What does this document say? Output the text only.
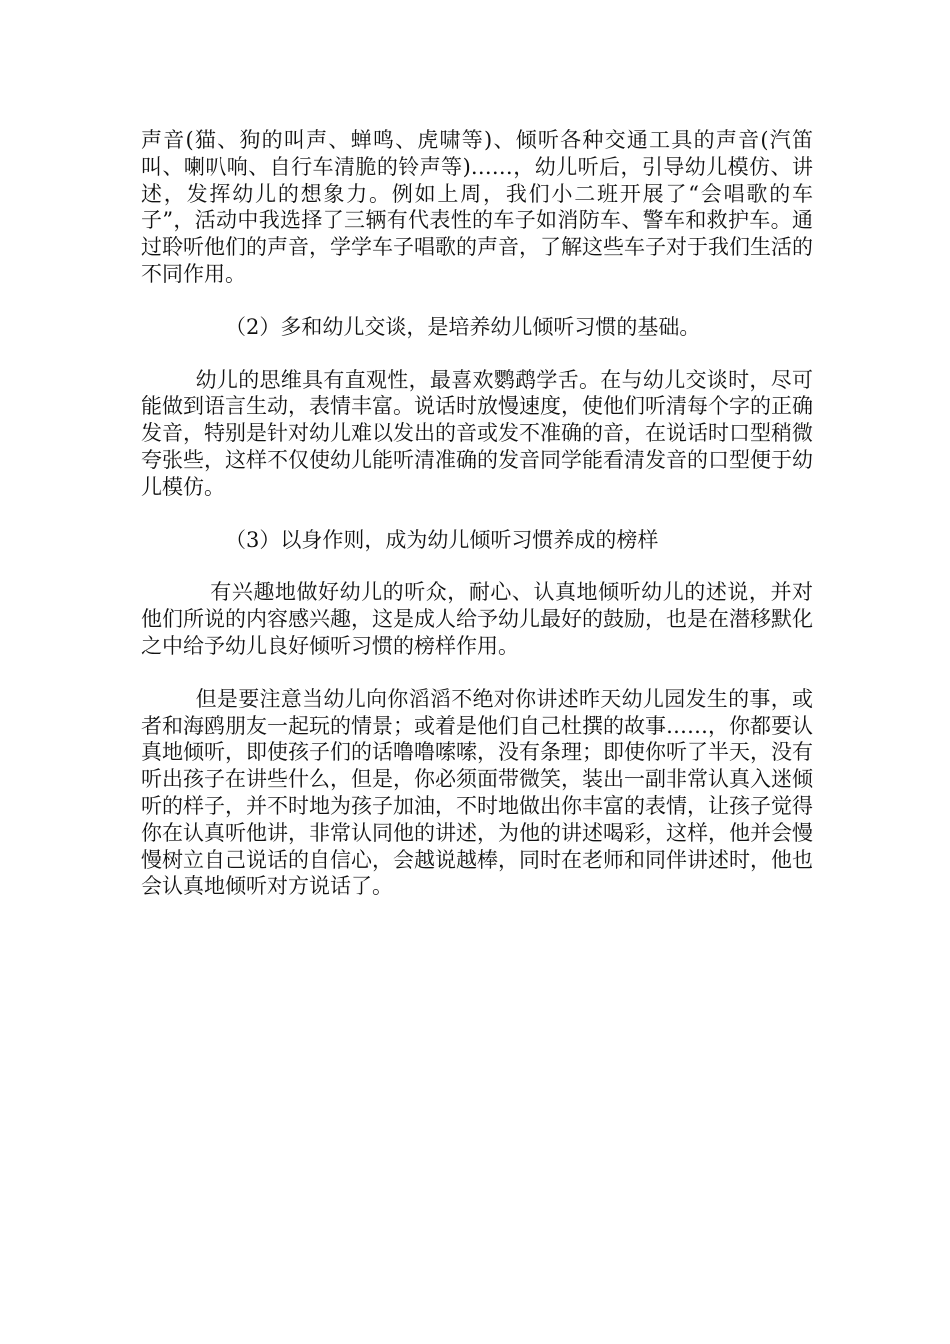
声音(猫、狗的叫声、蝉鸣、虎啸等)、倾听各种交通工具的声音(汽笛叫、喇叭响、自行车清脆的铃声等)……，幼儿听后，引导幼儿模仿、讲述，发挥幼儿的想象力。例如上周，我们小二班开展了“会唱歌的车子”，活动中我选择了三辆有代表性的车子如消防车、警车和救护车。通过聆听他们的声音，学学车子唱歌的声音，了解这些车子对于我们生活的不同作用。

（2）多和幼儿交谈，是培养幼儿倾听习惯的基础。

幼儿的思维具有直观性，最喜欢鹦鹉学舌。在与幼儿交谈时，尽可能做到语言生动，表情丰富。说话时放慢速度，使他们听清每个字的正确发音，特别是针对幼儿难以发出的音或发不准确的音，在说话时口型稍微夸张些，这样不仅使幼儿能听清准确的发音同学能看清发音的口型便于幼儿模仿。

（3）以身作则，成为幼儿倾听习惯养成的榜样

有兴趣地做好幼儿的听众，耐心、认真地倾听幼儿的述说，并对他们所说的内容感兴趣，这是成人给予幼儿最好的鼓励，也是在潜移默化之中给予幼儿良好倾听习惯的榜样作用。

但是要注意当幼儿向你滔滔不绝对你讲述昨天幼儿园发生的事，或者和海鸥朋友一起玩的情景；或着是他们自己杜撰的故事……，你都要认真地倾听，即使孩子们的话噜噜嗦嗦，没有条理；即使你听了半天，没有听出孩子在讲些什么，但是，你必须面带微笑，装出一副非常认真入迷倾听的样子，并不时地为孩子加油，不时地做出你丰富的表情，让孩子觉得你在认真听他讲，非常认同他的讲述，为他的讲述喝彩，这样，他并会慢慢树立自己说话的自信心，会越说越棒，同时在老师和同伴讲述时，他也会认真地倾听对方说话了。
